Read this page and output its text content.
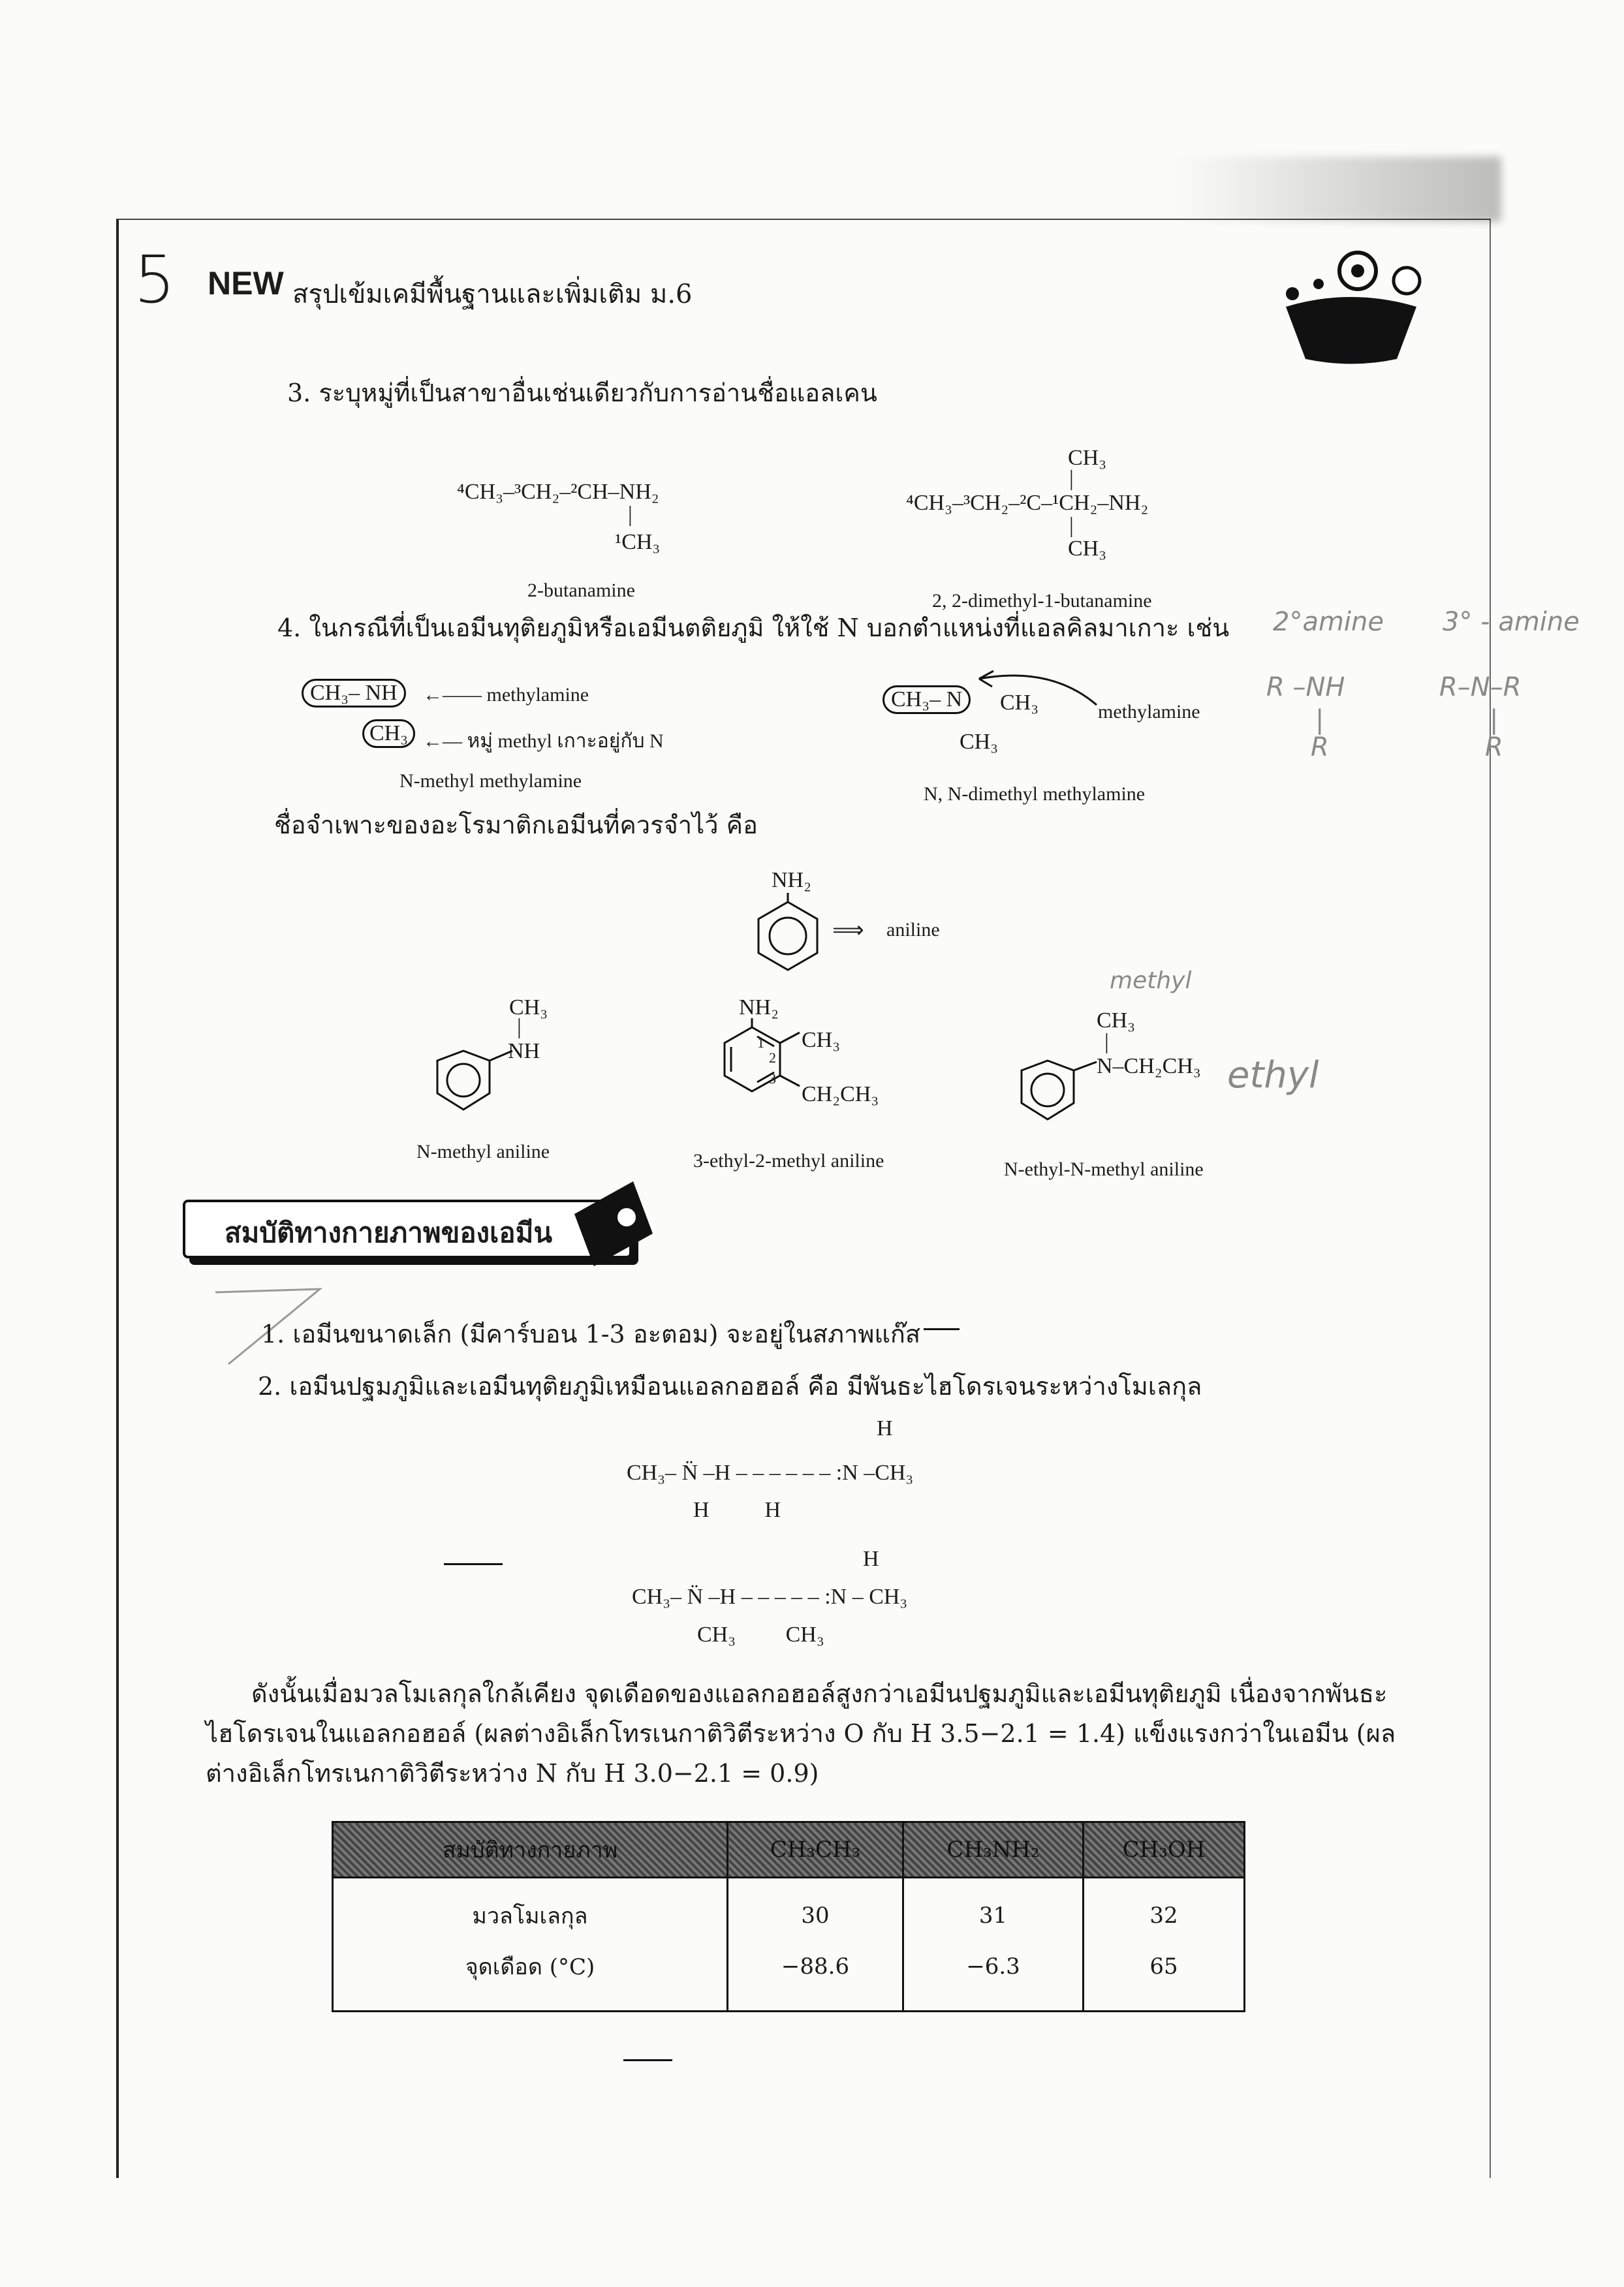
5 NEW สรุปเข้มเคมีพื้นฐานและเพิ่มเติม ม.6
3. ระบุหมู่ที่เป็นสาขาอื่นเช่นเดียวกับการอ่านชื่อแอลเคน
⁴CH₃–³CH₂–²CH–NH₂
|
¹CH₃
2-butanamine
CH₃
|
⁴CH₃–³CH₂–²C–¹CH₂–NH₂
|
CH₃
2, 2-dimethyl-1-butanamine
4. ในกรณีที่เป็นเอมีนทุติยภูมิหรือเอมีนตติยภูมิ ให้ใช้ N บอกตำแหน่งที่แอลคิลมาเกาะ เช่น
CH₃– NH
CH₃
←—— methylamine
←— หมู่ methyl เกาะอยู่กับ N
N-methyl methylamine
CH₃– N	CH₃
CH₃
methylamine
N, N-dimethyl methylamine
2°amine 3° - amine
R –NH
|
R
R–N–R
|
R
ชื่อจำเพาะของอะโรมาติกเอมีนที่ควรจำไว้ คือ
NH₂
⟹ aniline
CH₃
|
NH
N-methyl aniline
NH₂
1
2
3
CH₃
CH₂CH₃
3-ethyl-2-methyl aniline
methyl
CH₃
|
N–CH₂CH₃ ethyl
N-ethyl-N-methyl aniline
สมบัติทางกายภาพของเอมีน
1. เอมีนขนาดเล็ก (มีคาร์บอน 1-3 อะตอม) จะอยู่ในสภาพแก๊ส
2. เอมีนปฐมภูมิและเอมีนทุติยภูมิเหมือนแอลกอฮอล์ คือ มีพันธะไฮโดรเจนระหว่างโมเลกุล
H
CH₃– N̈ –H – – – – – – :N –CH₃
H          H
H
CH₃– N̈ –H – – – – – :N – CH₃
CH₃         CH₃
ดังนั้นเมื่อมวลโมเลกุลใกล้เคียง จุดเดือดของแอลกอฮอล์สูงกว่าเอมีนปฐมภูมิและเอมีนทุติยภูมิ เนื่องจากพันธะไฮโดรเจนในแอลกอฮอล์ (ผลต่างอิเล็กโทรเนกาติวิตีระหว่าง O กับ H 3.5−2.1 = 1.4) แข็งแรงกว่าในเอมีน (ผลต่างอิเล็กโทรเนกาติวิตีระหว่าง N กับ H 3.0−2.1 = 0.9)
สมบัติทางกายภาพ	CH₃CH₃	CH₃NH₂	CH₃OH
มวลโมเลกุล	30	31	32
จุดเดือด (°C)	−88.6	−6.3	65
